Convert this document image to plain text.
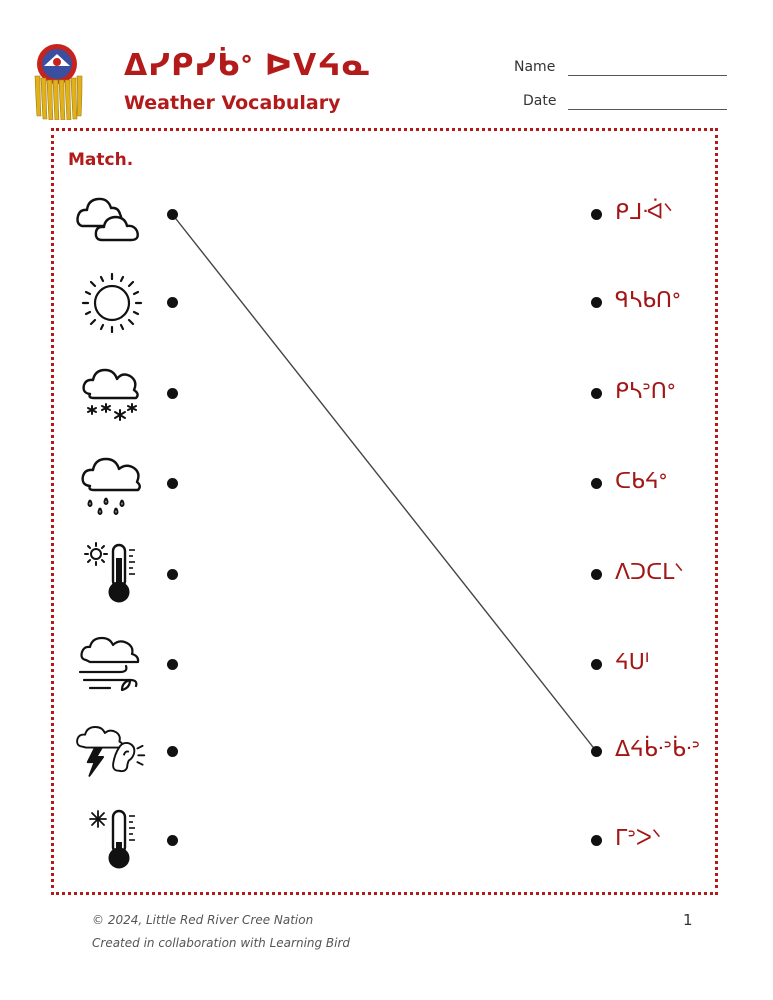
ᐃᓯᑭᓯᑳᐤ ᐅᐯᔦᓇ
Weather Vocabulary
Name
Date
Match.
ᑭᒧᐙᐠ
ᑫᓴᑲᑎᐤ
ᑭᓴᐣᑎᐤ
ᑕᑲᔦᐤ
ᐱᑐᑕᒪᐠ
ᔦᑌᑊ
ᐃᔦᑳᐧᐣᑳᐧᐣ
ᒥᐣᐳᐠ
© 2024, Little Red River Cree Nation
Created in collaboration with Learning Bird
1
